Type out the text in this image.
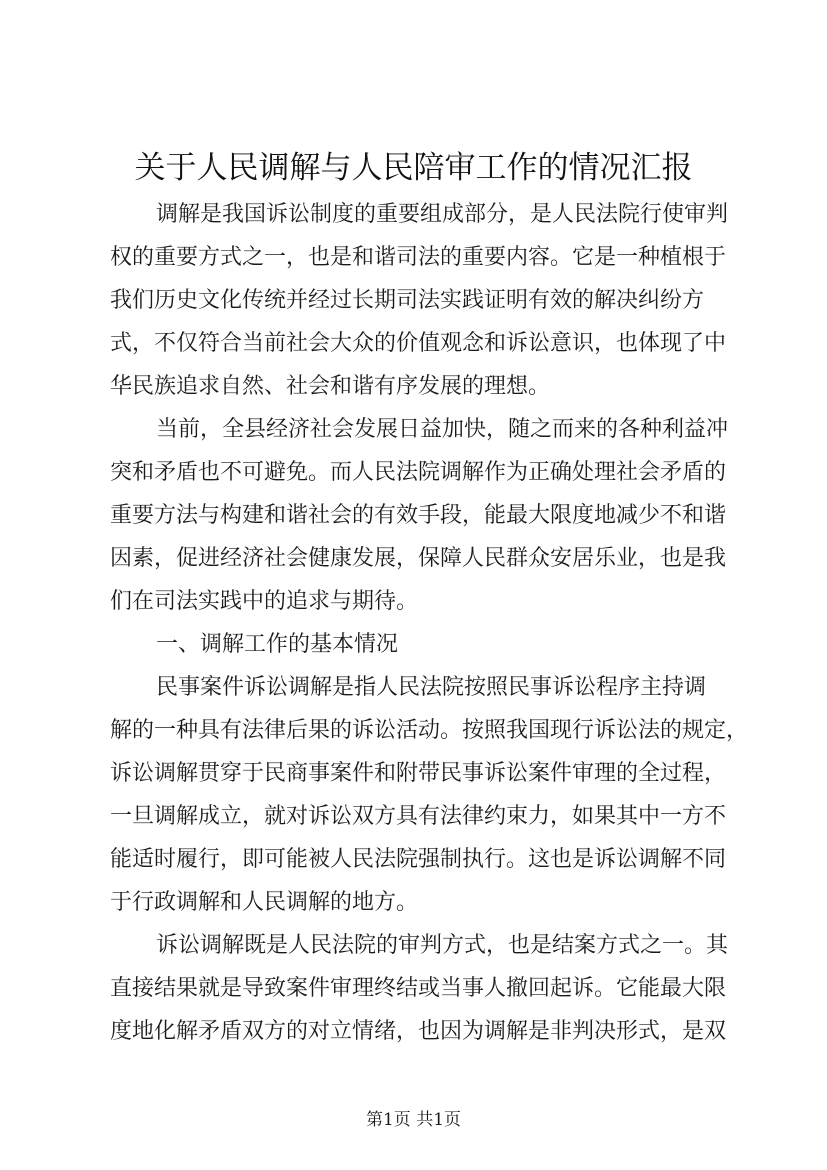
关于人民调解与人民陪审工作的情况汇报
调解是我国诉讼制度的重要组成部分，是人民法院行使审判
权的重要方式之一，也是和谐司法的重要内容。它是一种植根于
我们历史文化传统并经过长期司法实践证明有效的解决纠纷方
式，不仅符合当前社会大众的价值观念和诉讼意识，也体现了中
华民族追求自然、社会和谐有序发展的理想。
当前，全县经济社会发展日益加快，随之而来的各种利益冲
突和矛盾也不可避免。而人民法院调解作为正确处理社会矛盾的
重要方法与构建和谐社会的有效手段，能最大限度地减少不和谐
因素，促进经济社会健康发展，保障人民群众安居乐业，也是我
们在司法实践中的追求与期待。
一、调解工作的基本情况
民事案件诉讼调解是指人民法院按照民事诉讼程序主持调
解的一种具有法律后果的诉讼活动。按照我国现行诉讼法的规定，
诉讼调解贯穿于民商事案件和附带民事诉讼案件审理的全过程，
一旦调解成立，就对诉讼双方具有法律约束力，如果其中一方不
能适时履行，即可能被人民法院强制执行。这也是诉讼调解不同
于行政调解和人民调解的地方。
诉讼调解既是人民法院的审判方式，也是结案方式之一。其
直接结果就是导致案件审理终结或当事人撤回起诉。它能最大限
度地化解矛盾双方的对立情绪，也因为调解是非判决形式，是双
第1页 共1页
